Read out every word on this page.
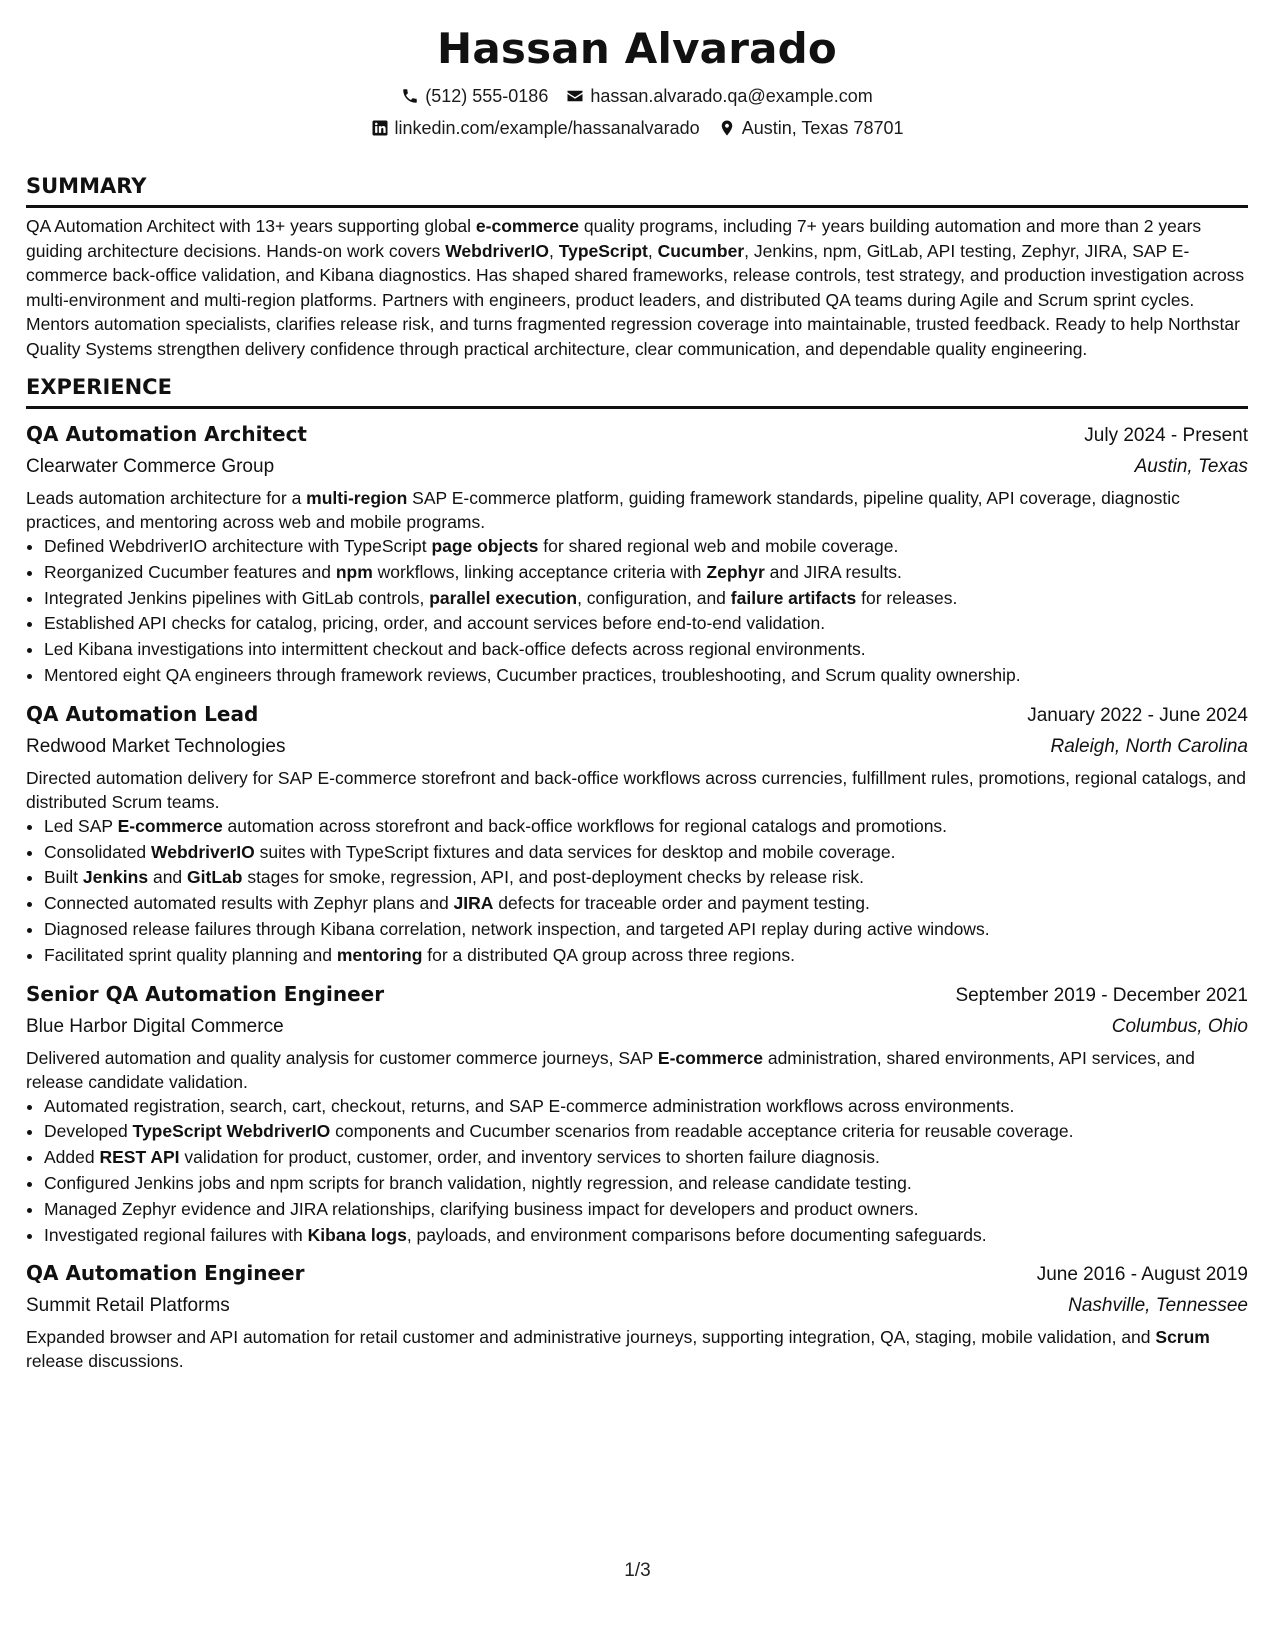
Hassan Alvarado
(512) 555-0186 hassan.alvarado.qa@example.com
linkedin.com/example/hassanalvarado Austin, Texas 78701
SUMMARY

QA Automation Architect with 13+ years supporting global e-commerce quality programs, including 7+ years building automation and more than 2 years guiding architecture decisions. Hands-on work covers WebdriverIO, TypeScript, Cucumber, Jenkins, npm, GitLab, API testing, Zephyr, JIRA, SAP E-commerce back-office validation, and Kibana diagnostics. Has shaped shared frameworks, release controls, test strategy, and production investigation across multi-environment and multi-region platforms. Partners with engineers, product leaders, and distributed QA teams during Agile and Scrum sprint cycles. Mentors automation specialists, clarifies release risk, and turns fragmented regression coverage into maintainable, trusted feedback. Ready to help Northstar Quality Systems strengthen delivery confidence through practical architecture, clear communication, and dependable quality engineering.

EXPERIENCE
QA Automation Architect	July 2024 - Present
Clearwater Commerce Group	Austin, Texas
Leads automation architecture for a multi-region SAP E-commerce platform, guiding framework standards, pipeline quality, API coverage, diagnostic practices, and mentoring across web and mobile programs.
• Defined WebdriverIO architecture with TypeScript page objects for shared regional web and mobile coverage.
• Reorganized Cucumber features and npm workflows, linking acceptance criteria with Zephyr and JIRA results.
• Integrated Jenkins pipelines with GitLab controls, parallel execution, configuration, and failure artifacts for releases.
• Established API checks for catalog, pricing, order, and account services before end-to-end validation.
• Led Kibana investigations into intermittent checkout and back-office defects across regional environments.
• Mentored eight QA engineers through framework reviews, Cucumber practices, troubleshooting, and Scrum quality ownership.
QA Automation Lead	January 2022 - June 2024
Redwood Market Technologies	Raleigh, North Carolina
Directed automation delivery for SAP E-commerce storefront and back-office workflows across currencies, fulfillment rules, promotions, regional catalogs, and distributed Scrum teams.
• Led SAP E-commerce automation across storefront and back-office workflows for regional catalogs and promotions.
• Consolidated WebdriverIO suites with TypeScript fixtures and data services for desktop and mobile coverage.
• Built Jenkins and GitLab stages for smoke, regression, API, and post-deployment checks by release risk.
• Connected automated results with Zephyr plans and JIRA defects for traceable order and payment testing.
• Diagnosed release failures through Kibana correlation, network inspection, and targeted API replay during active windows.
• Facilitated sprint quality planning and mentoring for a distributed QA group across three regions.
Senior QA Automation Engineer	September 2019 - December 2021
Blue Harbor Digital Commerce	Columbus, Ohio
Delivered automation and quality analysis for customer commerce journeys, SAP E-commerce administration, shared environments, API services, and release candidate validation.
• Automated registration, search, cart, checkout, returns, and SAP E-commerce administration workflows across environments.
• Developed TypeScript WebdriverIO components and Cucumber scenarios from readable acceptance criteria for reusable coverage.
• Added REST API validation for product, customer, order, and inventory services to shorten failure diagnosis.
• Configured Jenkins jobs and npm scripts for branch validation, nightly regression, and release candidate testing.
• Managed Zephyr evidence and JIRA relationships, clarifying business impact for developers and product owners.
• Investigated regional failures with Kibana logs, payloads, and environment comparisons before documenting safeguards.
QA Automation Engineer	June 2016 - August 2019
Summit Retail Platforms	Nashville, Tennessee
Expanded browser and API automation for retail customer and administrative journeys, supporting integration, QA, staging, mobile validation, and Scrum release discussions.
1/3
